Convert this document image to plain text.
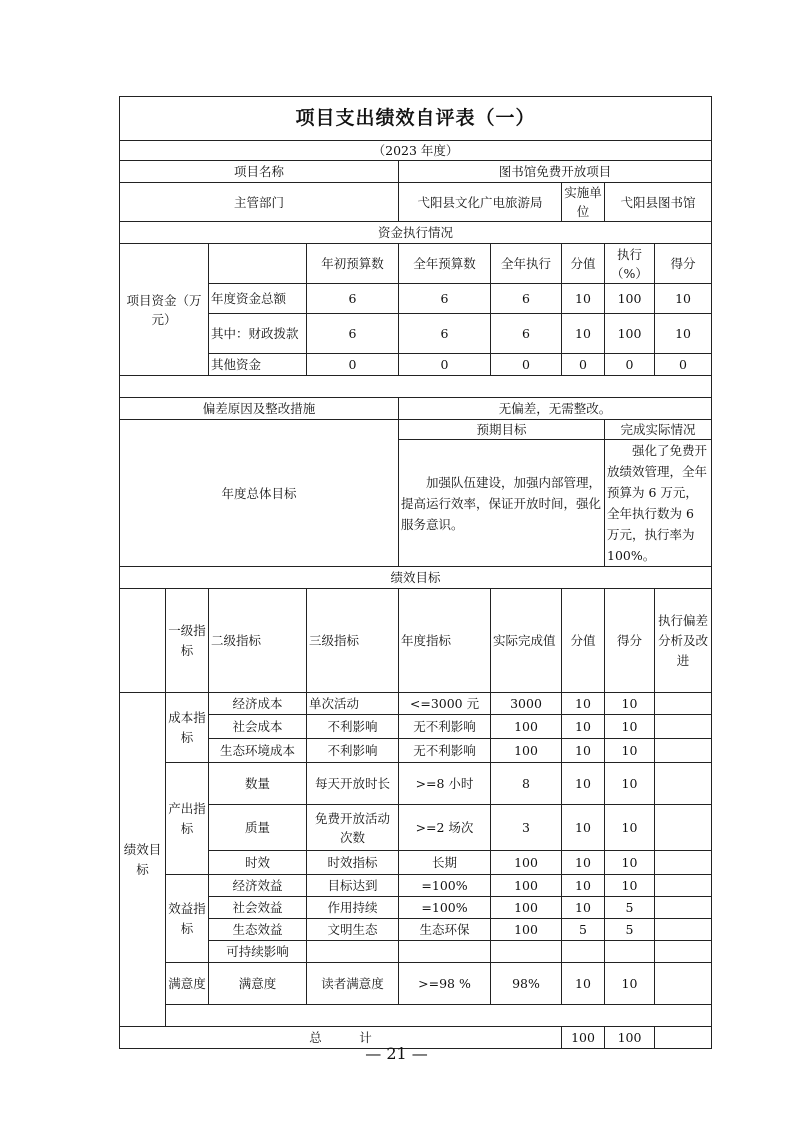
项目支出绩效自评表（一）								
（2023 年度）								
项目名称				图书馆免费开放项目				
主管部门				弋阳县文化广电旅游局		实施单位	弋阳县图书馆	
资金执行情况								
项目资金（万元）			年初预算数	全年预算数	全年执行	分值	执行（%）	得分
		年度资金总额	6	6	6	10	100	10
		其中：财政拨款	6	6	6	10	100	10
		其他资金	0	0	0	0	0	0

偏差原因及整改措施				无偏差，无需整改。				
年度总体目标				预期目标			完成实际情况	
				加强队伍建设，加强内部管理，提高运行效率，保证开放时间，强化服务意识。			强化了免费开放绩效管理，全年预算为 6 万元，全年执行数为 6 万元，执行率为 100%。	
绩效目标								
	一级指标	二级指标	三级指标	年度指标	实际完成值	分值	得分	执行偏差分析及改进
绩效目标	成本指标	经济成本	单次活动	<=3000 元	3000	10	10	
		社会成本	不利影响	无不利影响	100	10	10	
		生态环境成本	不利影响	无不利影响	100	10	10	
	产出指标	数量	每天开放时长	>=8 小时	8	10	10	
		质量	免费开放活动次数	>=2 场次	3	10	10	
		时效	时效指标	长期	100	10	10	
	效益指标	经济效益	目标达到	=100%	100	10	10	
		社会效益	作用持续	=100%	100	10	5	
		生态效益	文明生态	生态环保	100	5	5	
		可持续影响						
	满意度	满意度	读者满意度	>=98 %	98%	10	10	

总　　　计						100	100	
— 21 —
